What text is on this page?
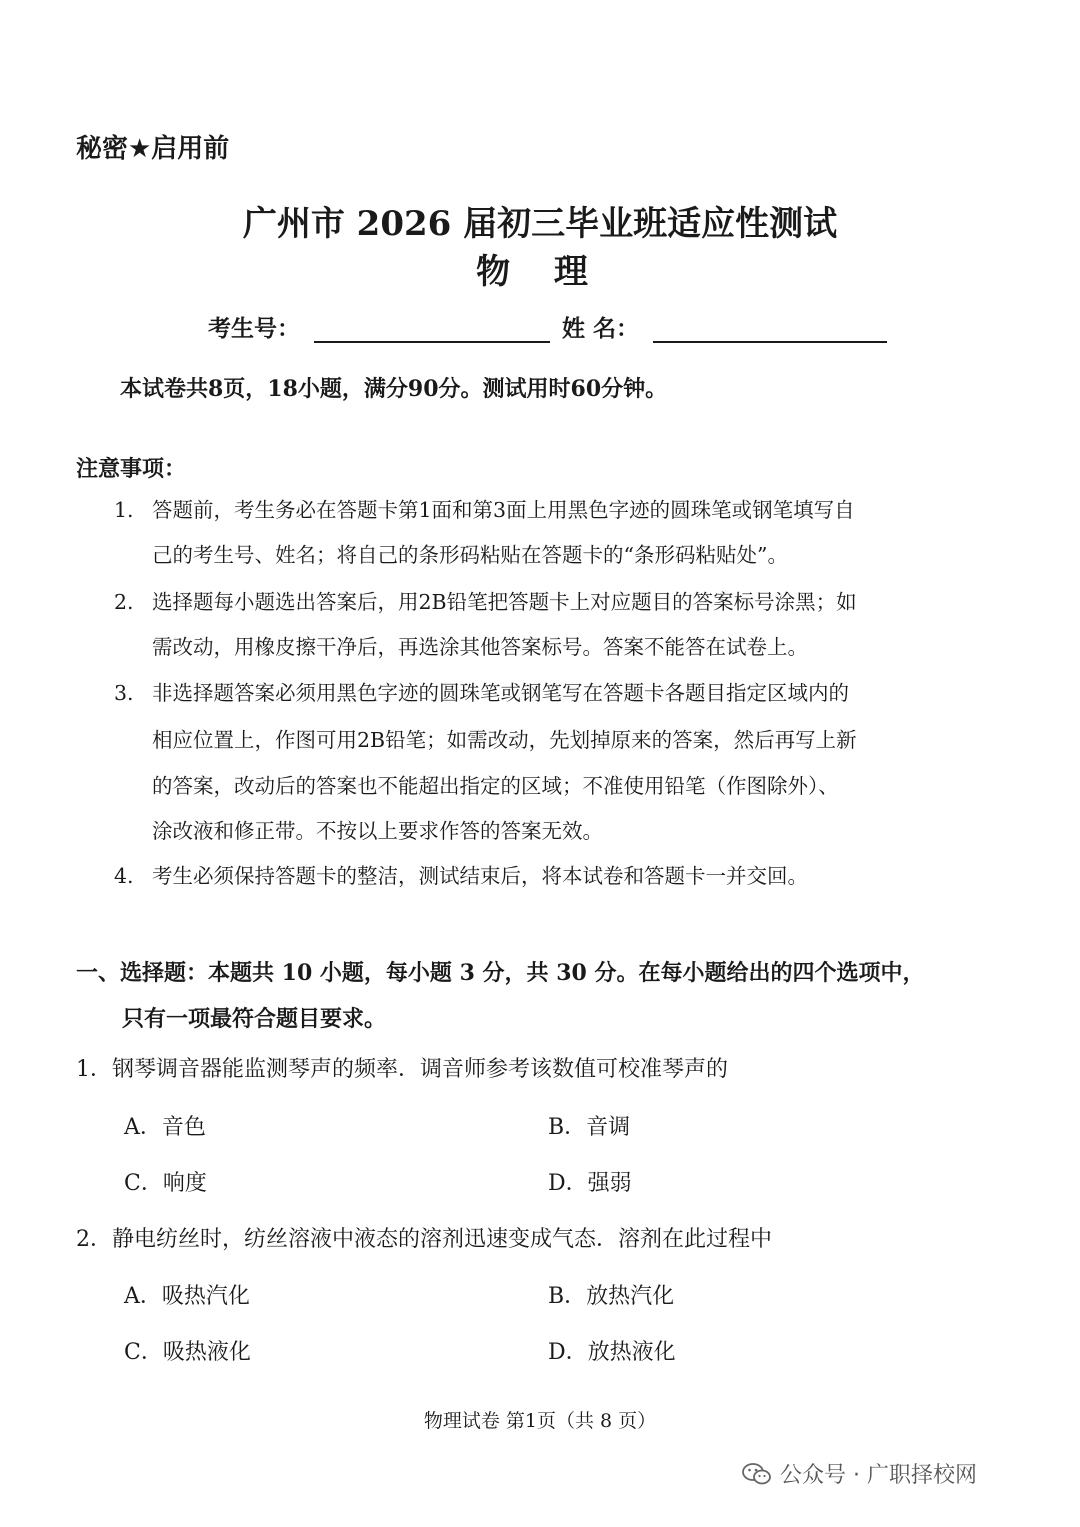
秘密★启用前
广州市 2026 届初三毕业班适应性测试
物 理
考生号：	姓 名：
本试卷共8页，18小题，满分90分。测试用时60分钟。
注意事项：
1. 答题前，考生务必在答题卡第1面和第3面上用黑色字迹的圆珠笔或钢笔填写自
己的考生号、姓名；将自己的条形码粘贴在答题卡的“条形码粘贴处”。
2. 选择题每小题选出答案后，用2B铅笔把答题卡上对应题目的答案标号涂黑；如
需改动，用橡皮擦干净后，再选涂其他答案标号。答案不能答在试卷上。
3. 非选择题答案必须用黑色字迹的圆珠笔或钢笔写在答题卡各题目指定区域内的
相应位置上，作图可用2B铅笔；如需改动，先划掉原来的答案，然后再写上新
的答案，改动后的答案也不能超出指定的区域；不准使用铅笔（作图除外）、
涂改液和修正带。不按以上要求作答的答案无效。
4. 考生必须保持答题卡的整洁，测试结束后，将本试卷和答题卡一并交回。
一、选择题：本题共 10 小题，每小题 3 分，共 30 分。在每小题给出的四个选项中，
只有一项最符合题目要求。
1．钢琴调音器能监测琴声的频率．调音师参考该数值可校准琴声的
A．音色	B．音调
C．响度	D．强弱
2．静电纺丝时，纺丝溶液中液态的溶剂迅速变成气态．溶剂在此过程中
A．吸热汽化	B．放热汽化
C．吸热液化	D．放热液化
物理试卷 第1页（共 8 页）
公众号 · 广职择校网
